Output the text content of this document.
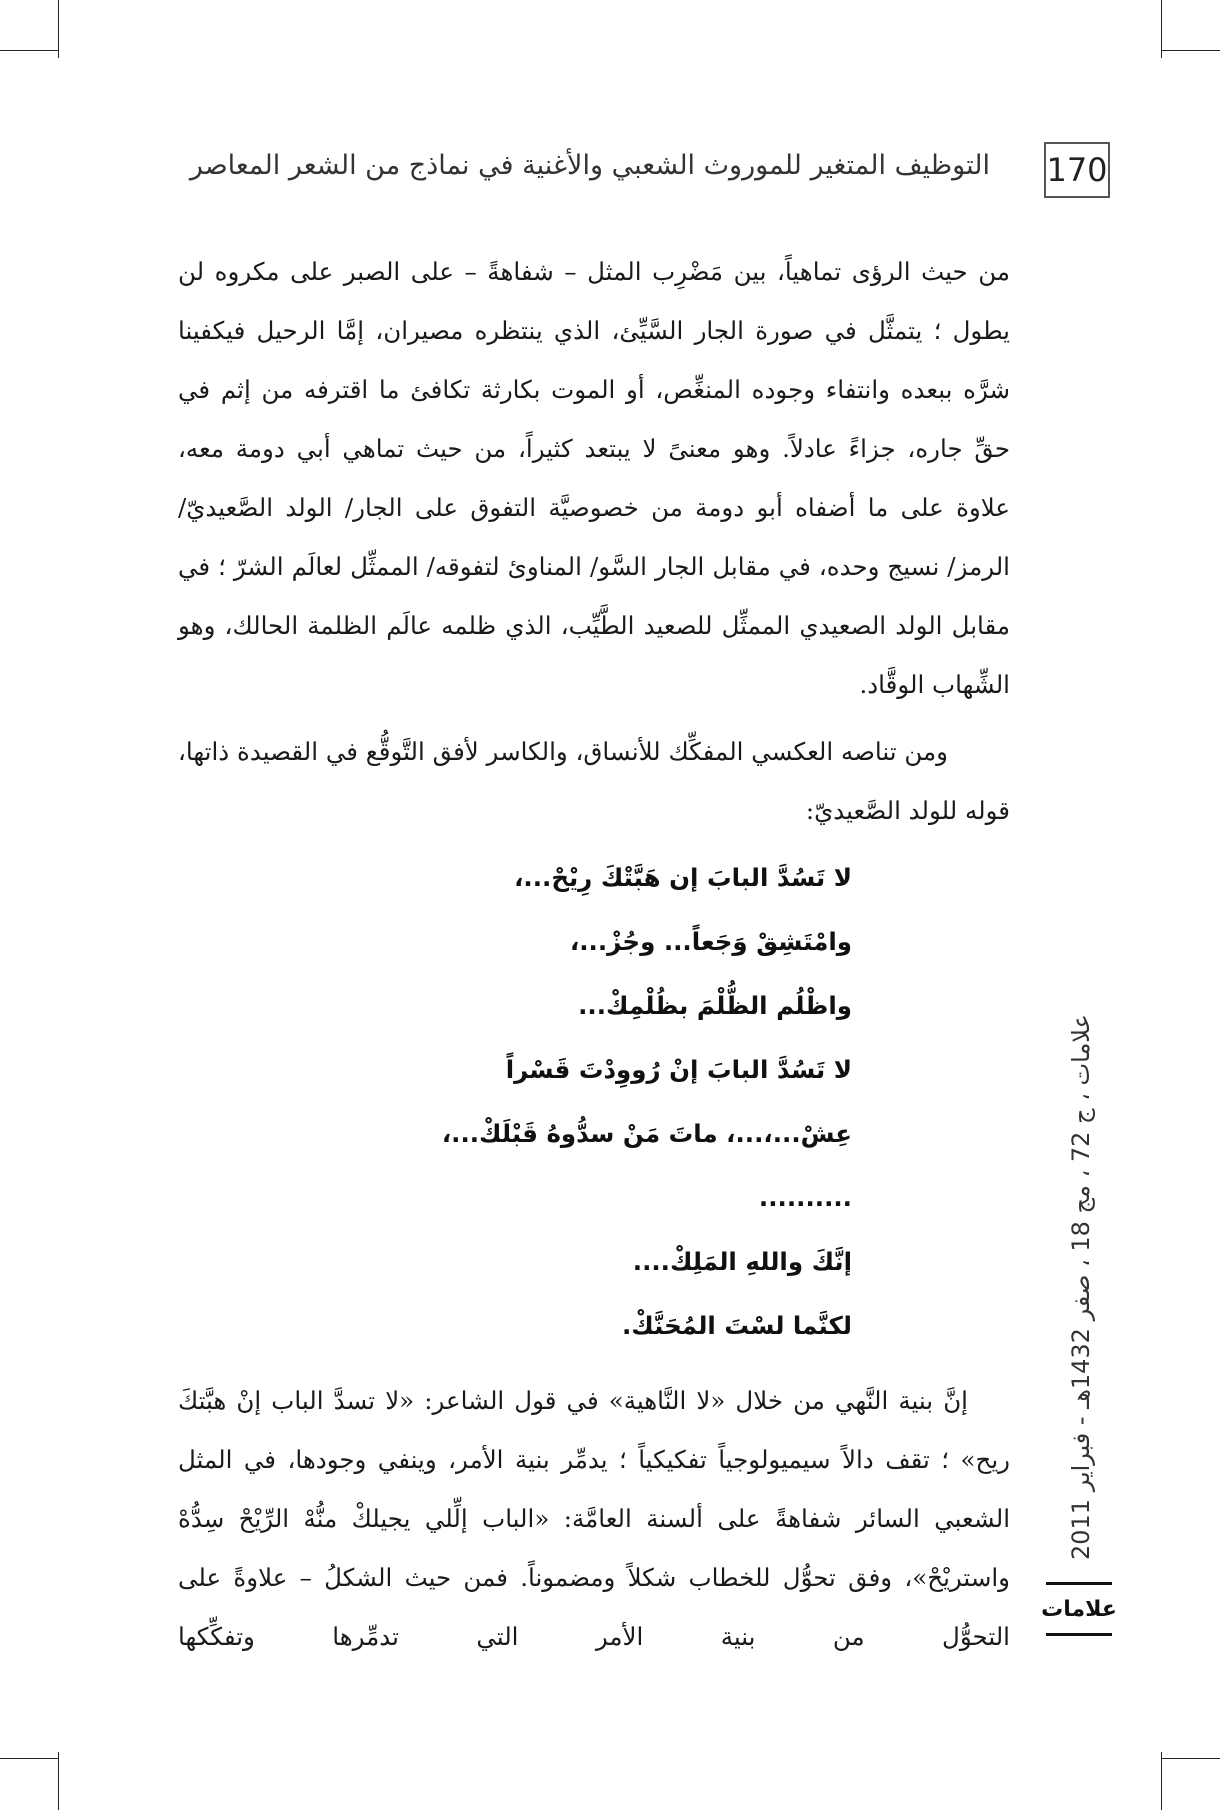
170
التوظيف المتغير للموروث الشعبي والأغنية في نماذج من الشعر المعاصر

من حيث الرؤى تماهياً، بين مَضْرِب المثل – شفاهةً – على الصبر على مكروه لن يطول ؛ يتمثَّل في صورة الجار السَّيِّئ، الذي ينتظره مصيران، إمَّا الرحيل فيكفينا شرَّه ببعده وانتفاء وجوده المنغِّص، أو الموت بكارثة تكافئ ما اقترفه من إثم في حقِّ جاره، جزاءً عادلاً. وهو معنىً لا يبتعد كثيراً، من حيث تماهي أبي دومة معه، علاوة على ما أضفاه أبو دومة من خصوصيَّة التفوق على الجار/ الولد الصَّعيديّ/ الرمز/ نسيج وحده، في مقابل الجار السَّو/ المناوئ لتفوقه/ الممثِّل لعالَم الشرّ ؛ في مقابل الولد الصعيدي الممثِّل للصعيد الطَّيِّب، الذي ظلمه عالَم الظلمة الحالك، وهو الشِّهاب الوقَّاد.

ومن تناصه العكسي المفكِّك للأنساق، والكاسر لأفق التَّوقُّع في القصيدة ذاتها، قوله للولد الصَّعيديّ:

لا تَسُدَّ البابَ إن هَبَّتْكَ رِيْحْ...،
وامْتَشِقْ وَجَعاً... وجُزْ...،
واظْلُم الظُّلْمَ بظُلْمِكْ...
لا تَسُدَّ البابَ إنْ رُووِدْتَ قَسْراً
عِشْ...،...، ماتَ مَنْ سدُّوهُ قَبْلَكْ...،
..........
إنَّكَ واللهِ المَلِكْ....
لكنَّما لسْتَ المُحَنَّكْ.

إنَّ بنية النَّهي من خلال «لا النَّاهية» في قول الشاعر: «لا تسدَّ الباب إنْ هبَّتكَ ريح» ؛ تقف دالاً سيميولوجياً تفكيكياً ؛ يدمِّر بنية الأمر، وينفي وجودها، في المثل الشعبي السائر شفاهةً على ألسنة العامَّة: «الباب إلِّلي يجيلكْ منُّهْ الرِّيْحْ سِدُّهْ واستريْحْ»، وفق تحوُّل للخطاب شكلاً ومضموناً. فمن حيث الشكلُ – علاوةً على التحوُّل من بنية الأمر التي تدمِّرها وتفكِّكها

علامات ، ج 72 ، مج 18 ، صفر 1432هـ - فبراير 2011
علامات
